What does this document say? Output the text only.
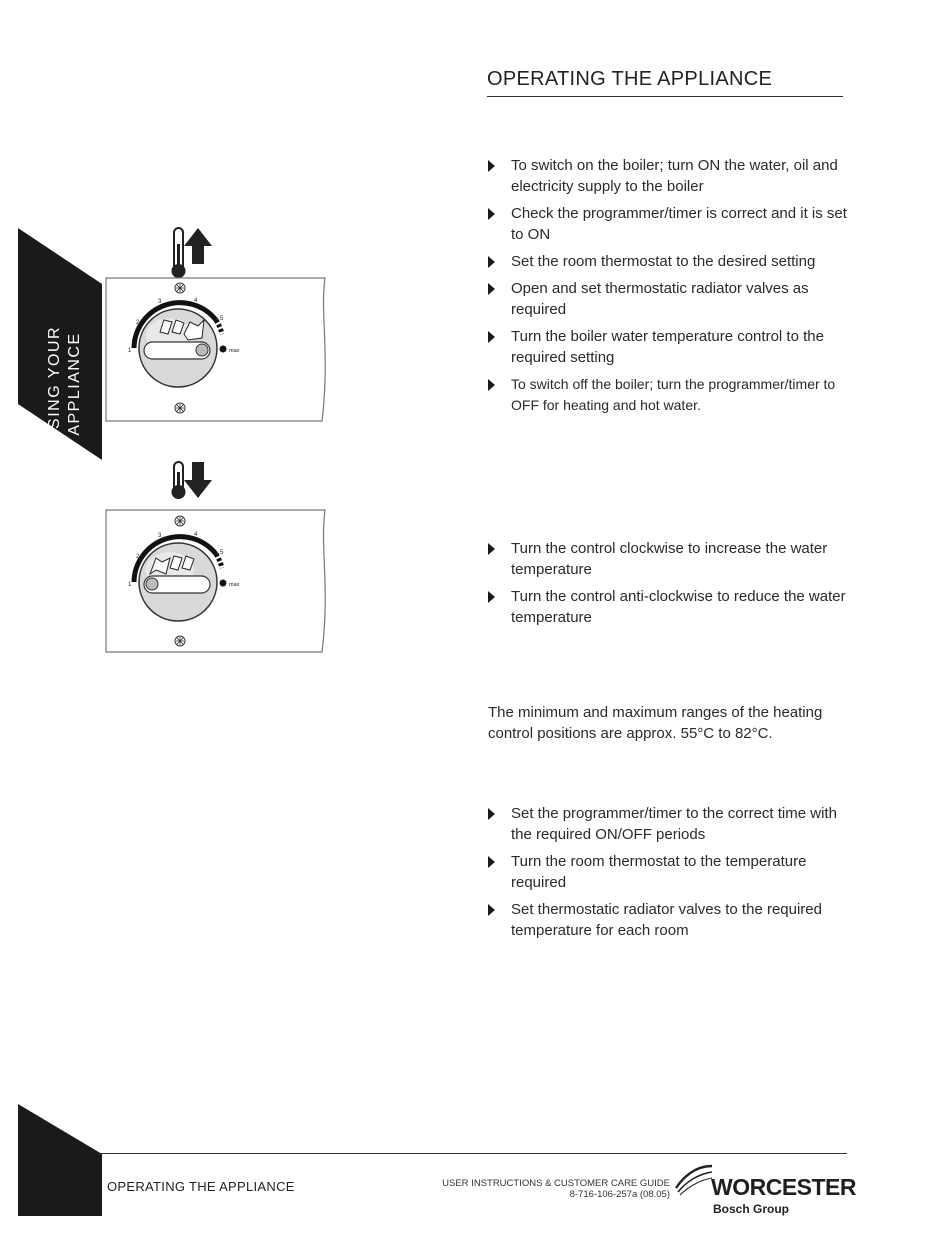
OPERATING THE APPLIANCE
USING YOUR APPLIANCE	1
2
3	4
5
max
1
2
3	4
5
max
To switch on the boiler; turn ON the water, oil and electricity supply to the boiler
Check the programmer/timer is correct and it is set to ON
Set the room thermostat to the desired setting
Open and set thermostatic radiator valves as required
Turn the boiler water temperature control to the required setting
To switch off the boiler; turn the programmer/timer to OFF for heating and hot water.
Turn the control clockwise to increase the water temperature
Turn the control anti-clockwise to reduce the water temperature
The minimum and maximum ranges of the heating control positions are approx. 55°C to 82°C.
Set the programmer/timer to the correct time with the required ON/OFF periods
Turn the room thermostat to the temperature required
Set thermostatic radiator valves to the required temperature for each room
OPERATING THE APPLIANCE	USER INSTRUCTIONS & CUSTOMER CARE GUIDE
8-716-106-257a (08.05) WORCESTER
Bosch Group
